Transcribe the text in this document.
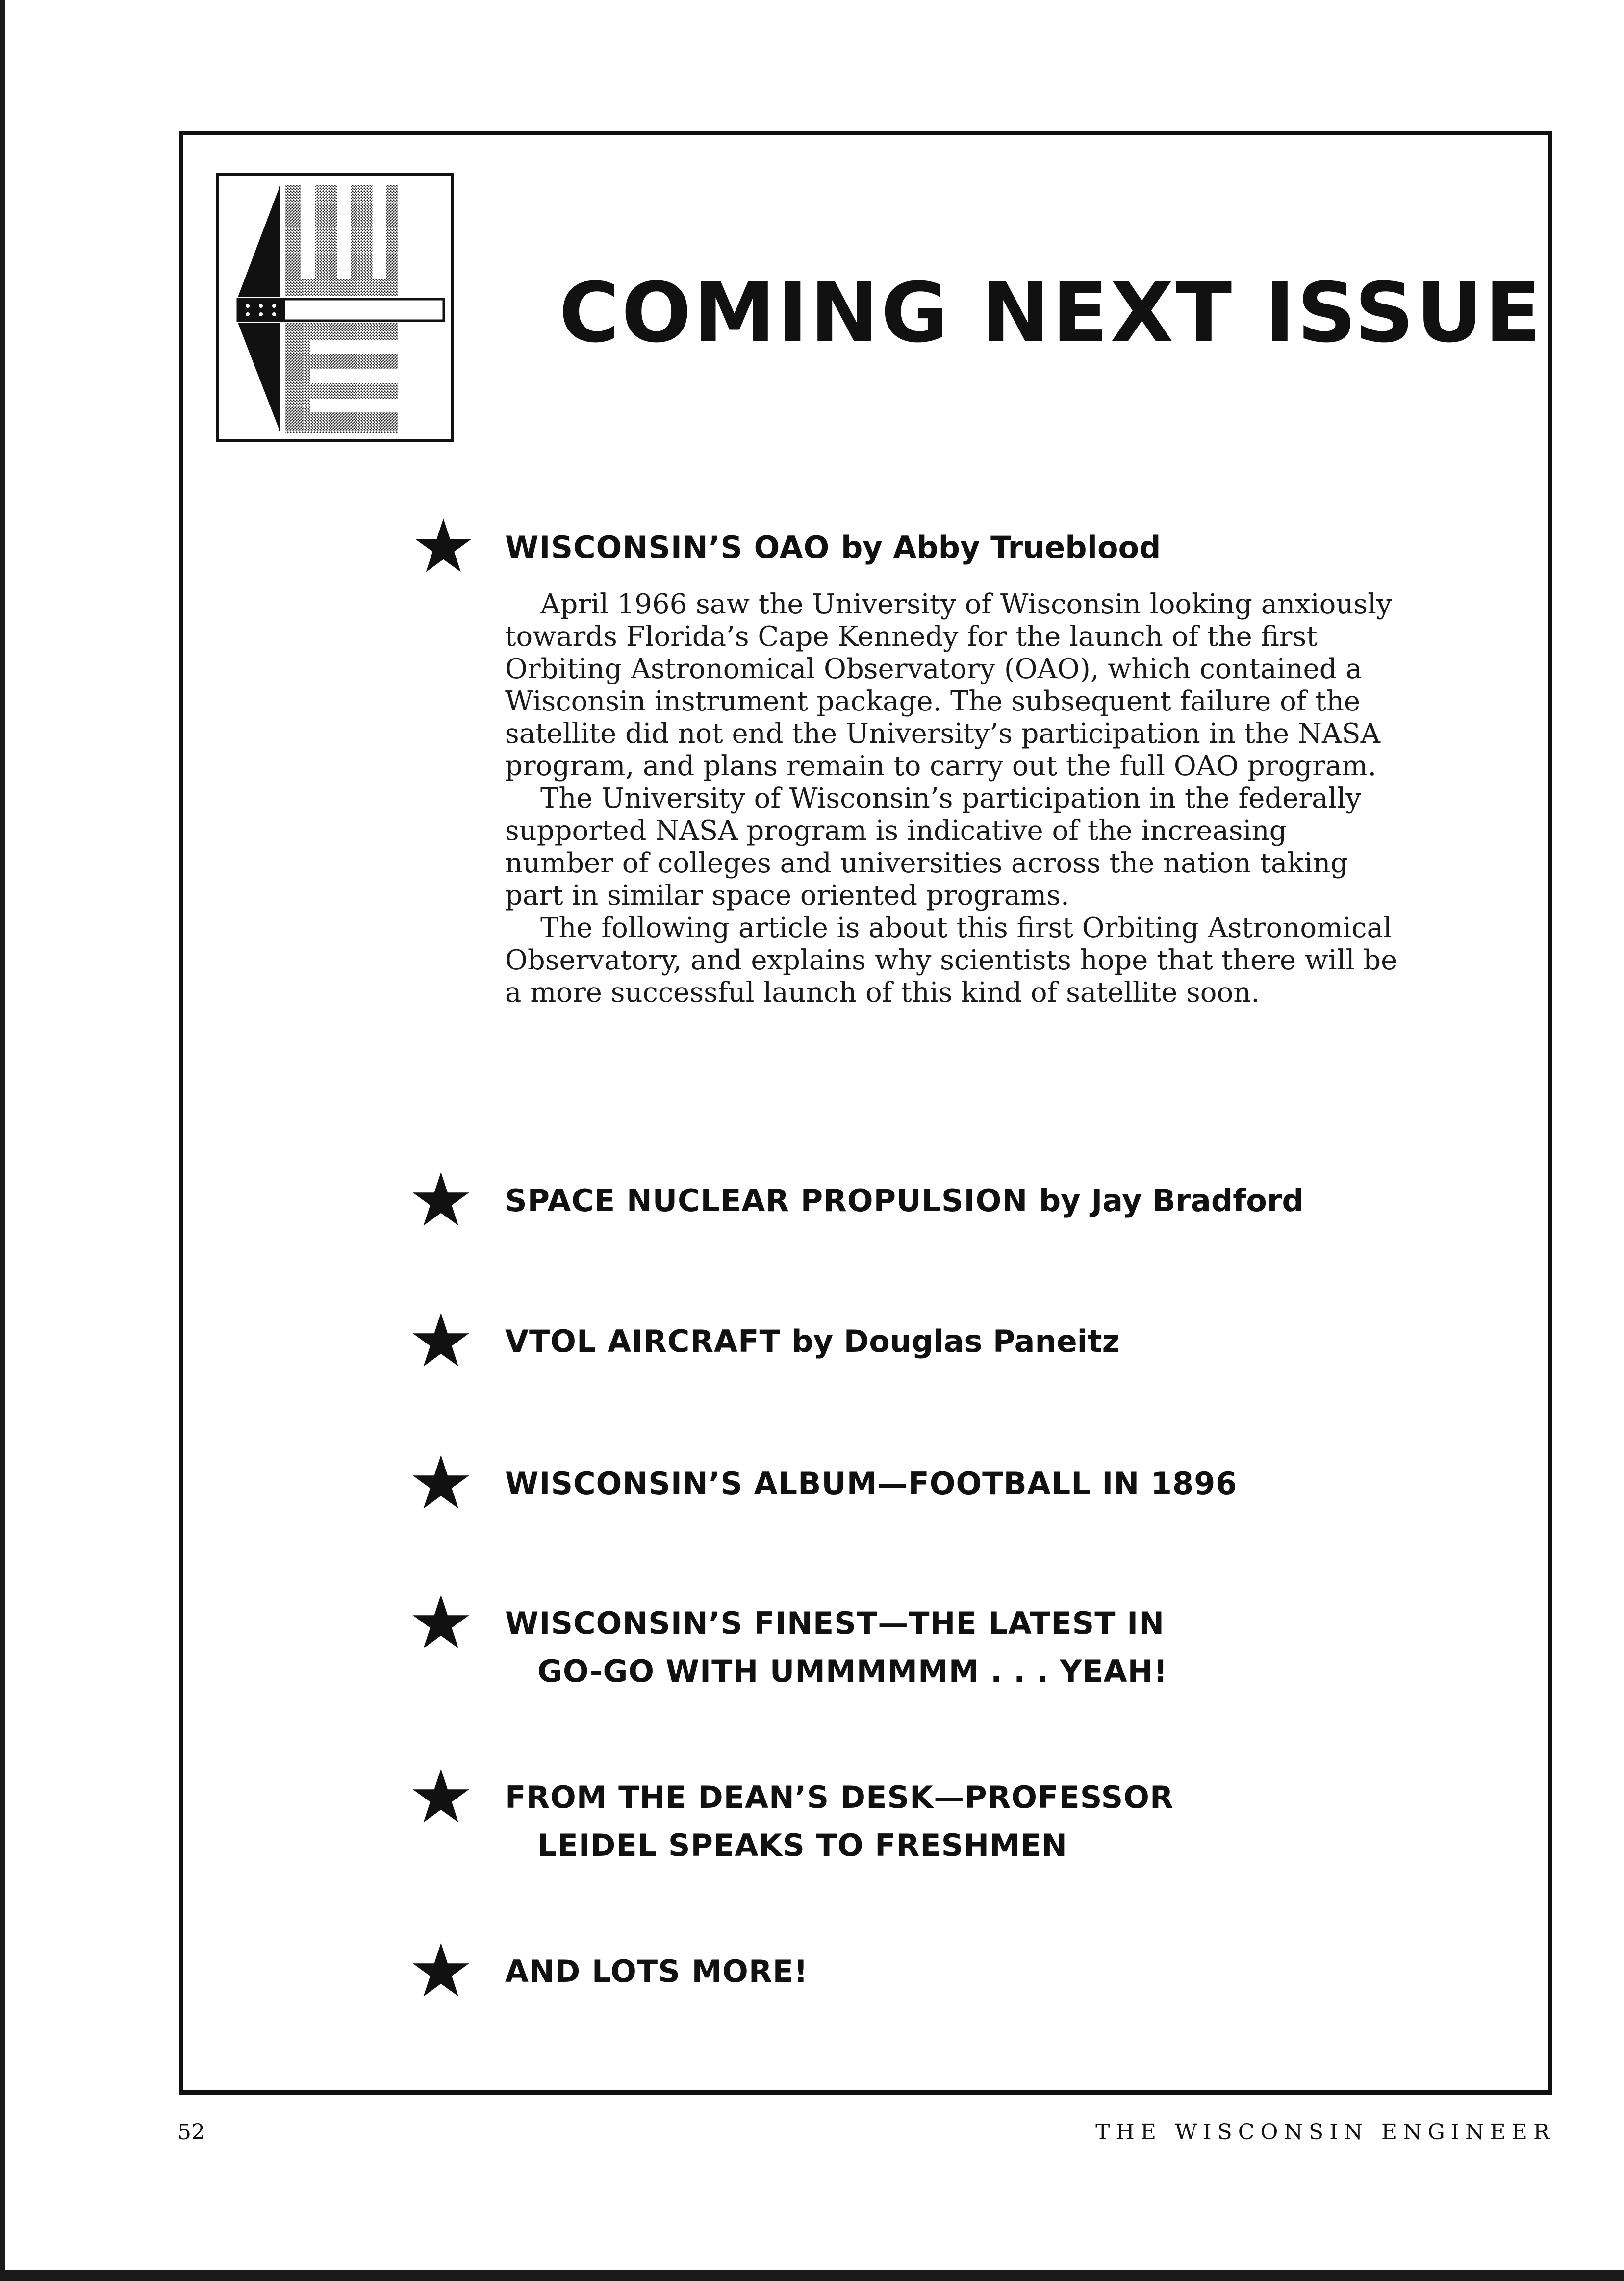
COMING NEXT ISSUE
★ WISCONSIN’S OAO by Abby Trueblood

April 1966 saw the University of Wisconsin looking anxiously towards Florida’s Cape Kennedy for the launch of the first Orbiting Astronomical Observatory (OAO), which contained a Wisconsin instrument package. The subsequent failure of the satellite did not end the University’s participation in the NASA program, and plans remain to carry out the full OAO program.

The University of Wisconsin’s participation in the federally supported NASA program is indicative of the increasing number of colleges and universities across the nation taking part in similar space oriented programs.

The following article is about this first Orbiting Astronomical Observatory, and explains why scientists hope that there will be a more successful launch of this kind of satellite soon.

★ SPACE NUCLEAR PROPULSION by Jay Bradford
★ VTOL AIRCRAFT by Douglas Paneitz
★ WISCONSIN’S ALBUM—FOOTBALL IN 1896
★ WISCONSIN’S FINEST—THE LATEST IN
GO-GO WITH UMMMMMM . . . YEAH!
★ FROM THE DEAN’S DESK—PROFESSOR
LEIDEL SPEAKS TO FRESHMEN
★ AND LOTS MORE!
52	THE WISCONSIN ENGINEER
